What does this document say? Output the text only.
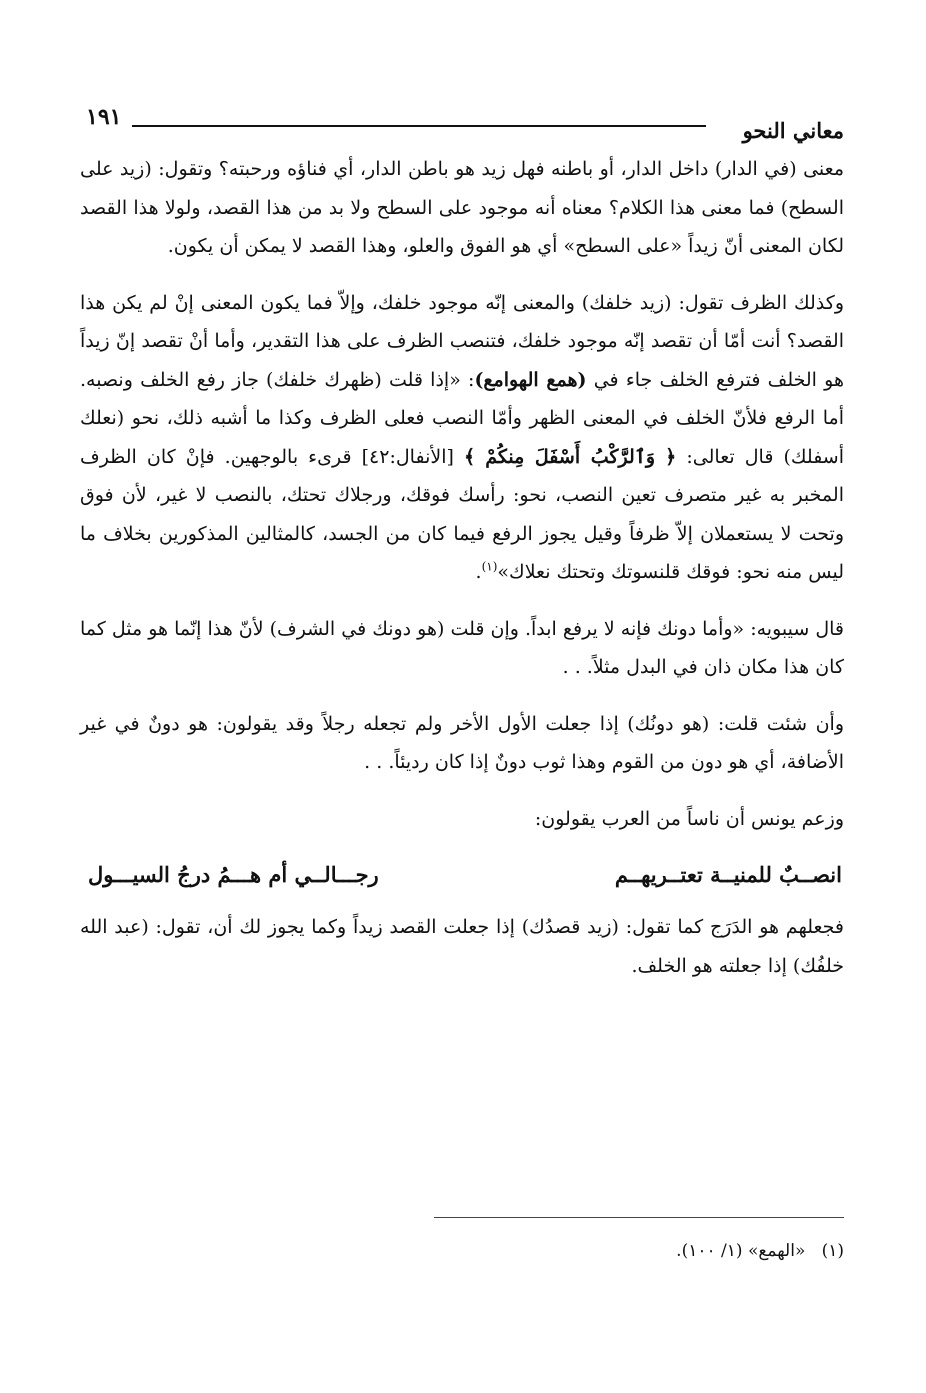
١٩١
معاني النحو

معنى (في الدار) داخل الدار، أو باطنه فهل زيد هو باطن الدار، أي فناؤه ورحبته؟ وتقول: (زيد على السطح) فما معنى هذا الكلام؟ معناه أنه موجود على السطح ولا بد من هذا القصد، ولولا هذا القصد لكان المعنى أنّ زيداً «على السطح» أي هو الفوق والعلو، وهذا القصد لا يمكن أن يكون.

وكذلك الظرف تقول: (زيد خلفك) والمعنى إنّه موجود خلفك، وإلاّ فما يكون المعنى إنْ لم يكن هذا القصد؟ أنت أمّا أن تقصد إنّه موجود خلفك، فتنصب الظرف على هذا التقدير، وأما أنْ تقصد إنّ زيداً هو الخلف فترفع الخلف جاء في (همع الهوامع): «إذا قلت (ظهرك خلفك) جاز رفع الخلف ونصبه. أما الرفع فلأنّ الخلف في المعنى الظهر وأمّا النصب فعلى الظرف وكذا ما أشبه ذلك، نحو (نعلك أسفلك) قال تعالى: ﴿ وَٱلرَّكْبُ أَسْفَلَ مِنكُمْ ﴾ [الأنفال:٤٢] قرىء بالوجهين. فإنْ كان الظرف المخبر به غير متصرف تعين النصب، نحو: رأسك فوقك، ورجلاك تحتك، بالنصب لا غير، لأن فوق وتحت لا يستعملان إلاّ ظرفاً وقيل يجوز الرفع فيما كان من الجسد، كالمثالين المذكورين بخلاف ما ليس منه نحو: فوقك قلنسوتك وتحتك نعلاك»$^{(١)}$.

قال سيبويه: «وأما دونك فإنه لا يرفع ابداً. وإن قلت (هو دونك في الشرف) لأنّ هذا إنّما هو مثل كما كان هذا مكان ذان في البدل مثلاً. . .

وأن شئت قلت: (هو دونُك) إذا جعلت الأول الأخر ولم تجعله رجلاً وقد يقولون: هو دونٌ في غير الأضافة، أي هو دون من القوم وهذا ثوب دونٌ إذا كان رديئاً. . .

وزعم يونس أن ناساً من العرب يقولون:

انصــبٌ للمنيــة تعتــريهــم
رجـــالــي أم هـــمُ درجُ السيـــول

فجعلهم هو الدَرَج كما تقول: (زيد قصدُك) إذا جعلت القصد زيداً وكما يجوز لك أن، تقول: (عبد الله خلفُك) إذا جعلته هو الخلف.

(١)   «الهمع» (١/ ١٠٠).
